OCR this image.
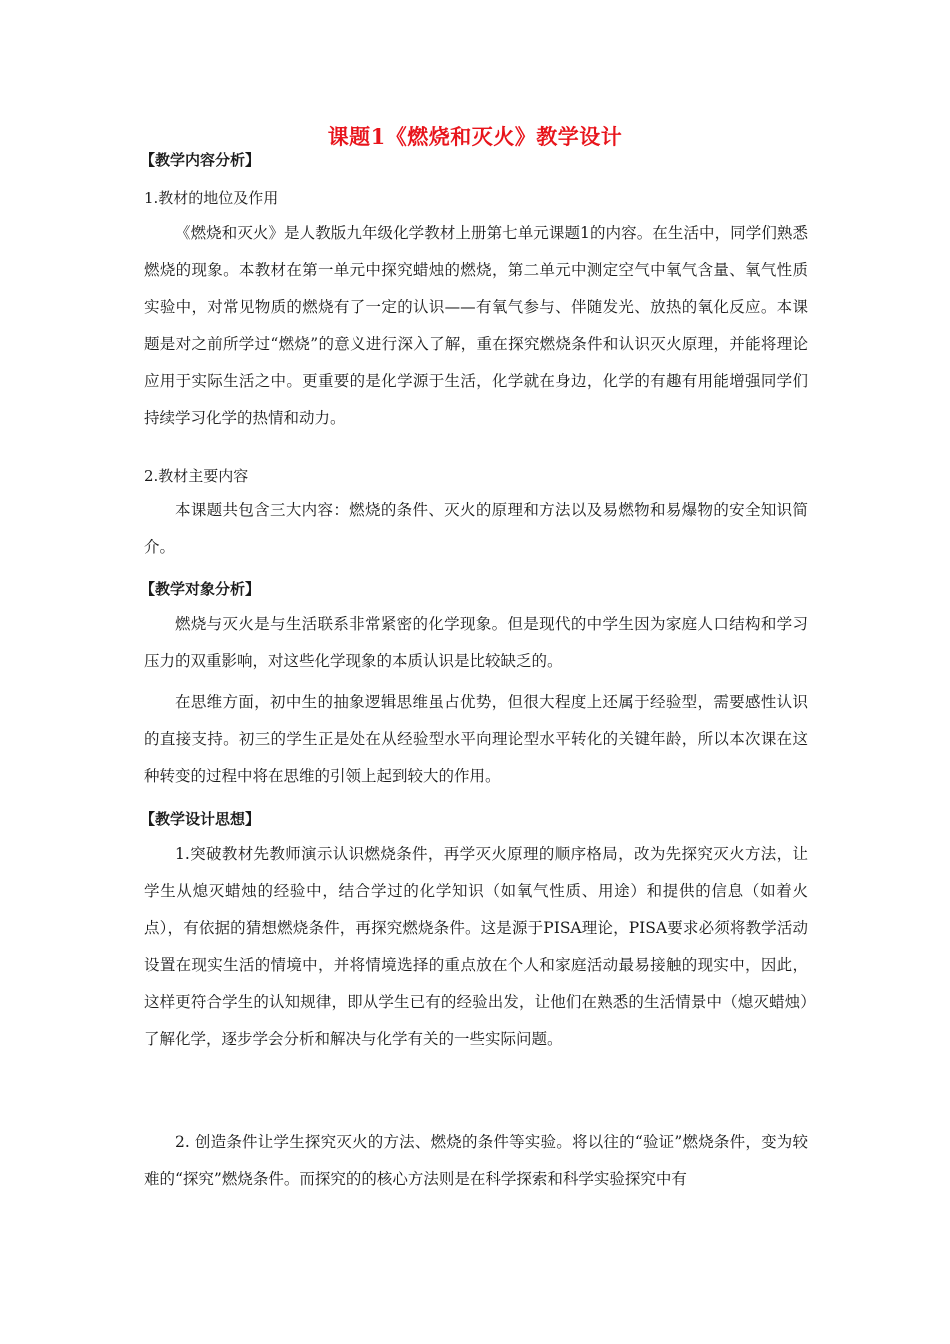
课题1《燃烧和灭火》教学设计
【教学内容分析】
1.教材的地位及作用
《燃烧和灭火》是人教版九年级化学教材上册第七单元课题1的内容。在生活中，同学们熟悉燃烧的现象。本教材在第一单元中探究蜡烛的燃烧，第二单元中测定空气中氧气含量、氧气性质实验中，对常见物质的燃烧有了一定的认识——有氧气参与、伴随发光、放热的氧化反应。本课题是对之前所学过“燃烧”的意义进行深入了解，重在探究燃烧条件和认识灭火原理，并能将理论应用于实际生活之中。更重要的是化学源于生活，化学就在身边，化学的有趣有用能增强同学们持续学习化学的热情和动力。
2.教材主要内容
本课题共包含三大内容：燃烧的条件、灭火的原理和方法以及易燃物和易爆物的安全知识简介。
【教学对象分析】
燃烧与灭火是与生活联系非常紧密的化学现象。但是现代的中学生因为家庭人口结构和学习压力的双重影响，对这些化学现象的本质认识是比较缺乏的。
在思维方面，初中生的抽象逻辑思维虽占优势，但很大程度上还属于经验型，需要感性认识的直接支持。初三的学生正是处在从经验型水平向理论型水平转化的关键年龄，所以本次课在这种转变的过程中将在思维的引领上起到较大的作用。
【教学设计思想】
1.突破教材先教师演示认识燃烧条件，再学灭火原理的顺序格局，改为先探究灭火方法，让学生从熄灭蜡烛的经验中，结合学过的化学知识（如氧气性质、用途）和提供的信息（如着火点），有依据的猜想燃烧条件，再探究燃烧条件。这是源于PISA理论，PISA要求必须将教学活动设置在现实生活的情境中，并将情境选择的重点放在个人和家庭活动最易接触的现实中，因此，这样更符合学生的认知规律，即从学生已有的经验出发，让他们在熟悉的生活情景中（熄灭蜡烛）了解化学，逐步学会分析和解决与化学有关的一些实际问题。
2. 创造条件让学生探究灭火的方法、燃烧的条件等实验。将以往的“验证”燃烧条件，变为较难的“探究”燃烧条件。而探究的的核心方法则是在科学探索和科学实验探究中有
